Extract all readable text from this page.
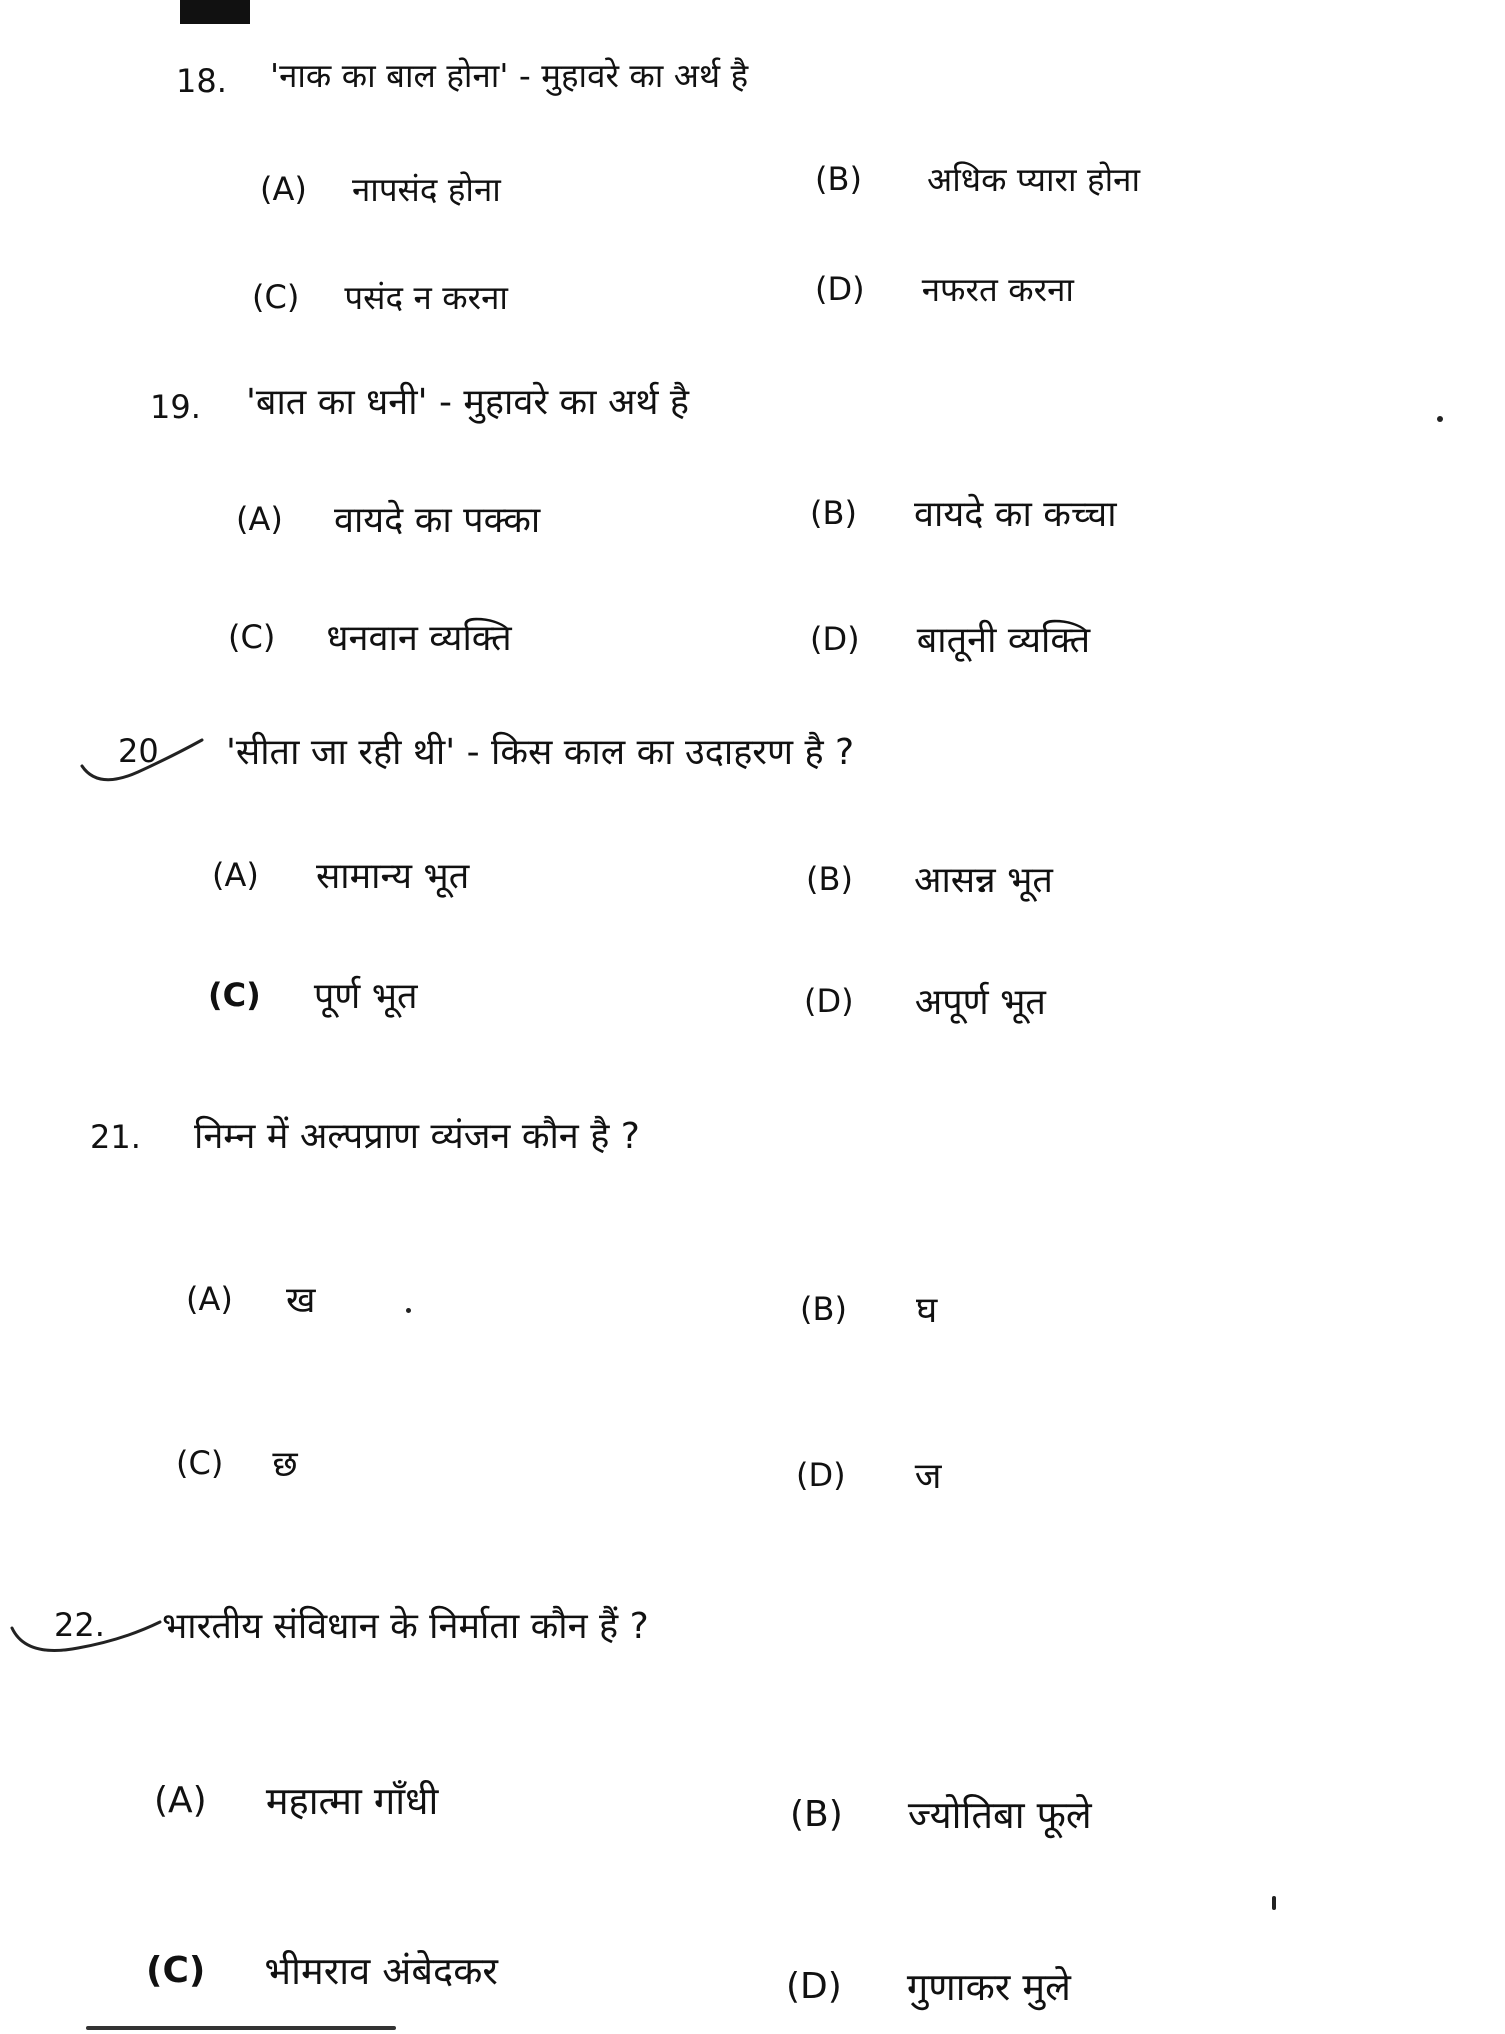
18. 'नाक का बाल होना' - मुहावरे का अर्थ है
(A) नापसंद होना	(B) अधिक प्यारा होना
(C) पसंद न करना	(D) नफरत करना
19. 'बात का धनी' - मुहावरे का अर्थ है
(A) वायदे का पक्का	(B) वायदे का कच्चा
(C) धनवान व्यक्ति	(D) बातूनी व्यक्ति
20 'सीता जा रही थी' - किस काल का उदाहरण है ?
(A) सामान्य भूत	(B) आसन्न भूत
(C) पूर्ण भूत	(D) अपूर्ण भूत
21. निम्न में अल्पप्राण व्यंजन कौन है ?
(A) ख	(B) घ
(C) छ	(D) ज
22. भारतीय संविधान के निर्माता कौन हैं ?
(A) महात्मा गाँधी	(B) ज्योतिबा फूले
(C) भीमराव अंबेदकर	(D) गुणाकर मुले
